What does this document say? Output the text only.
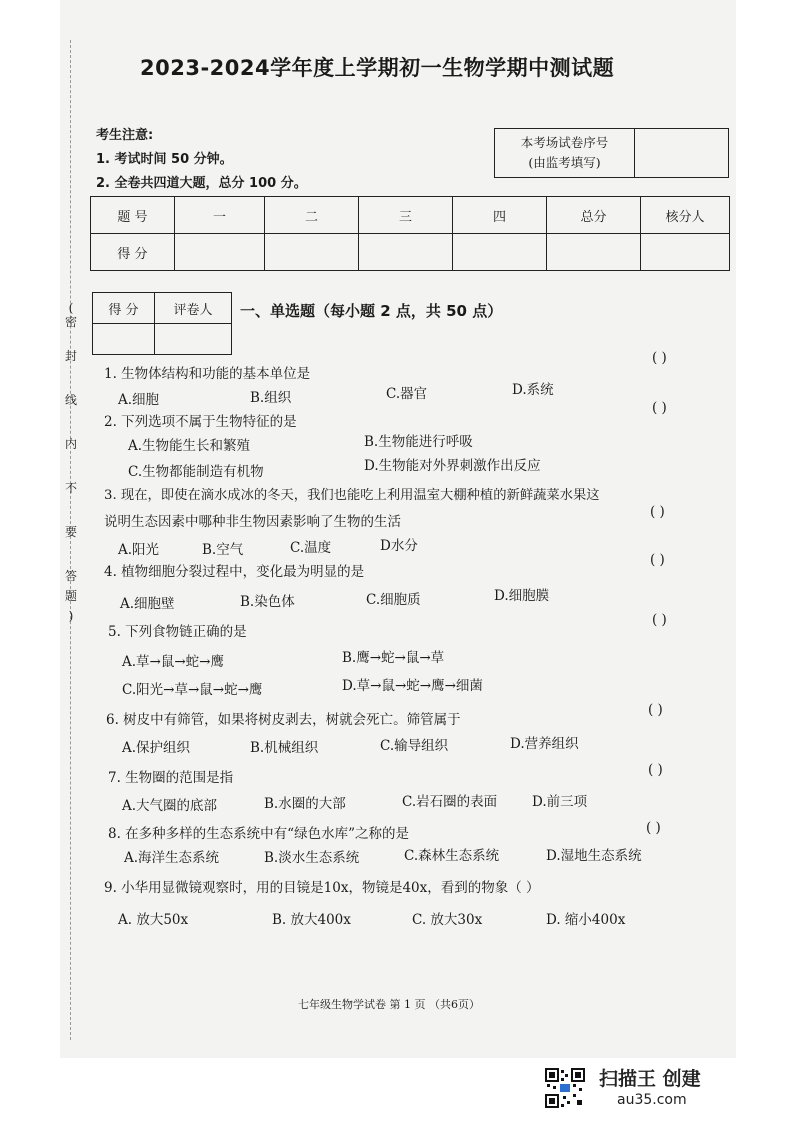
2023-2024学年度上学期初一生物学期中测试题
考生注意:
1. 考试时间 50 分钟。
2. 全卷共四道大题，总分 100 分。
本考场试卷序号
(由监考填写)
题 号	一	二	三	四	总分	核分人
得 分						
得 分	评卷人
	一、单选题（每小题 2 点，共 50 点）
(
密
封
线
内
不
要
答
题
)
1. 生物体结构和功能的基本单位是
( )
A.细胞	B.组织	C.器官	D.系统
2. 下列选项不属于生物特征的是
( )
A.生物能生长和繁殖	B.生物能进行呼吸
C.生物都能制造有机物	D.生物能对外界刺激作出反应
3. 现在，即使在滴水成冰的冬天，我们也能吃上利用温室大棚种植的新鲜蔬菜水果这
说明生态因素中哪种非生物因素影响了生物的生活
( )
A.阳光	B.空气	C.温度	D水分
4. 植物细胞分裂过程中，变化最为明显的是
( )
A.细胞壁	B.染色体	C.细胞质	D.细胞膜
5. 下列食物链正确的是
( )
A.草→鼠→蛇→鹰	B.鹰→蛇→鼠→草
C.阳光→草→鼠→蛇→鹰	D.草→鼠→蛇→鹰→细菌
6. 树皮中有筛管，如果将树皮剥去，树就会死亡。筛管属于
( )
A.保护组织	B.机械组织	C.输导组织	D.营养组织
7. 生物圈的范围是指	( )
A.大气圈的底部	B.水圈的大部	C.岩石圈的表面	D.前三项
8. 在多种多样的生态系统中有“绿色水库”之称的是	( )
A.海洋生态系统	B.淡水生态系统	C.森林生态系统	D.湿地生态系统
9. 小华用显微镜观察时，用的目镜是10x，物镜是40x，看到的物象（ ）
A. 放大50x	B. 放大400x	C. 放大30x	D. 缩小400x
七年级生物学试卷 第 1 页 （共6页）
扫描王 创建
au35.com
